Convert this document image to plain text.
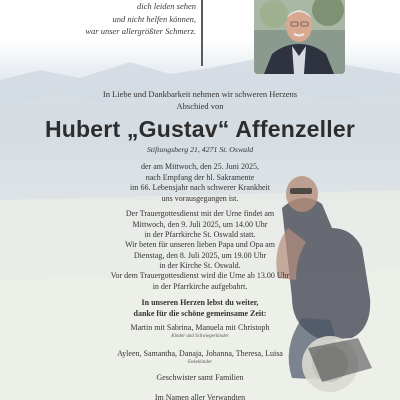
dich leiden sehen
und nicht helfen können,
war unser allergrößter Schmerz.
In Liebe und Dankbarkeit nehmen wir schweren Herzens
Abschied von
Hubert „Gustav“ Affenzeller
Stiftungsberg 21, 4271 St. Oswald
der am Mittwoch, den 25. Juni 2025,
nach Empfang der hl. Sakramente
im 66. Lebensjahr nach schwerer Krankheit
uns vorausgegangen ist.
Der Trauergottesdienst mit der Urne findet am
Mittwoch, den 9. Juli 2025, um 14.00 Uhr
in der Pfarrkirche St. Oswald statt.
Wir beten für unseren lieben Papa und Opa am
Dienstag, den 8. Juli 2025, um 19.00 Uhr
in der Kirche St. Oswald.
Vor dem Trauergottesdienst wird die Urne ab 13.00 Uhr
in der Pfarrkirche aufgebahrt.
In unseren Herzen lebst du weiter,
danke für die schöne gemeinsame Zeit:
Martin mit Sabrina, Manuela mit Christoph
Kinder und Schwiegerkinder
Ayleen, Samantha, Danaja, Johanna, Theresa, Luisa
Enkelkinder
Geschwister samt Familien
Im Namen aller Verwandten
